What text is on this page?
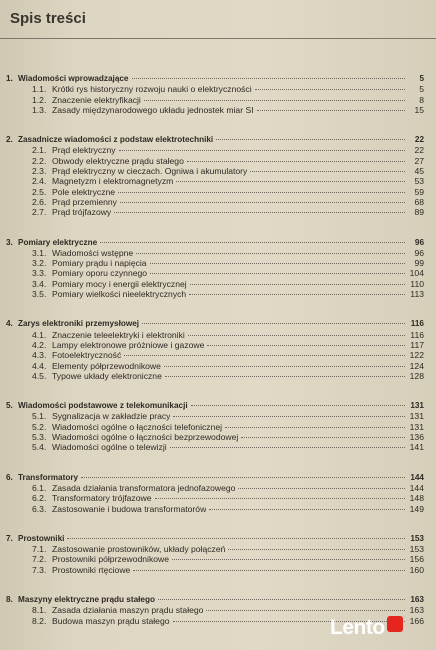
Spis treści
1. Wiadomości wprowadzające	5
1.1. Krótki rys historyczny rozwoju nauki o elektryczności	5
1.2. Znaczenie elektryfikacji	8
1.3. Zasady międzynarodowego układu jednostek miar SI	15
2. Zasadnicze wiadomości z podstaw elektrotechniki	22
2.1. Prąd elektryczny	22
2.2. Obwody elektryczne prądu stałego	27
2.3. Prąd elektryczny w cieczach. Ogniwa i akumulatory	45
2.4. Magnetyzm i elektromagnetyzm	53
2.5. Pole elektryczne	59
2.6. Prąd przemienny	68
2.7. Prąd trójfazowy	89
3. Pomiary elektryczne	96
3.1. Wiadomości wstępne	96
3.2. Pomiary prądu i napięcia	99
3.3. Pomiary oporu czynnego	104
3.4. Pomiary mocy i energii elektrycznej	110
3.5. Pomiary wielkości nieelektrycznych	113
4. Zarys elektroniki przemysłowej	116
4.1. Znaczenie teleelektryki i elektroniki	116
4.2. Lampy elektronowe próżniowe i gazowe	117
4.3. Fotoelektryczność	122
4.4. Elementy półprzewodnikowe	124
4.5. Typowe układy elektroniczne	128
5. Wiadomości podstawowe z telekomunikacji	131
5.1. Sygnalizacja w zakładzie pracy	131
5.2. Wiadomości ogólne o łączności telefonicznej	131
5.3. Wiadomości ogólne o łączności bezprzewodowej	136
5.4. Wiadomości ogólne o telewizji	141
6. Transformatory	144
6.1. Zasada działania transformatora jednofazowego	144
6.2. Transformatory trójfazowe	148
6.3. Zastosowanie i budowa transformatorów	149
7. Prostowniki	153
7.1. Zastosowanie prostowników, układy połączeń	153
7.2. Prostowniki półprzewodnikowe	156
7.3. Prostowniki rtęciowe	160
8. Maszyny elektryczne prądu stałego	163
8.1. Zasada działania maszyn prądu stałego	163
8.2. Budowa maszyn prądu stałego	166
Lento
